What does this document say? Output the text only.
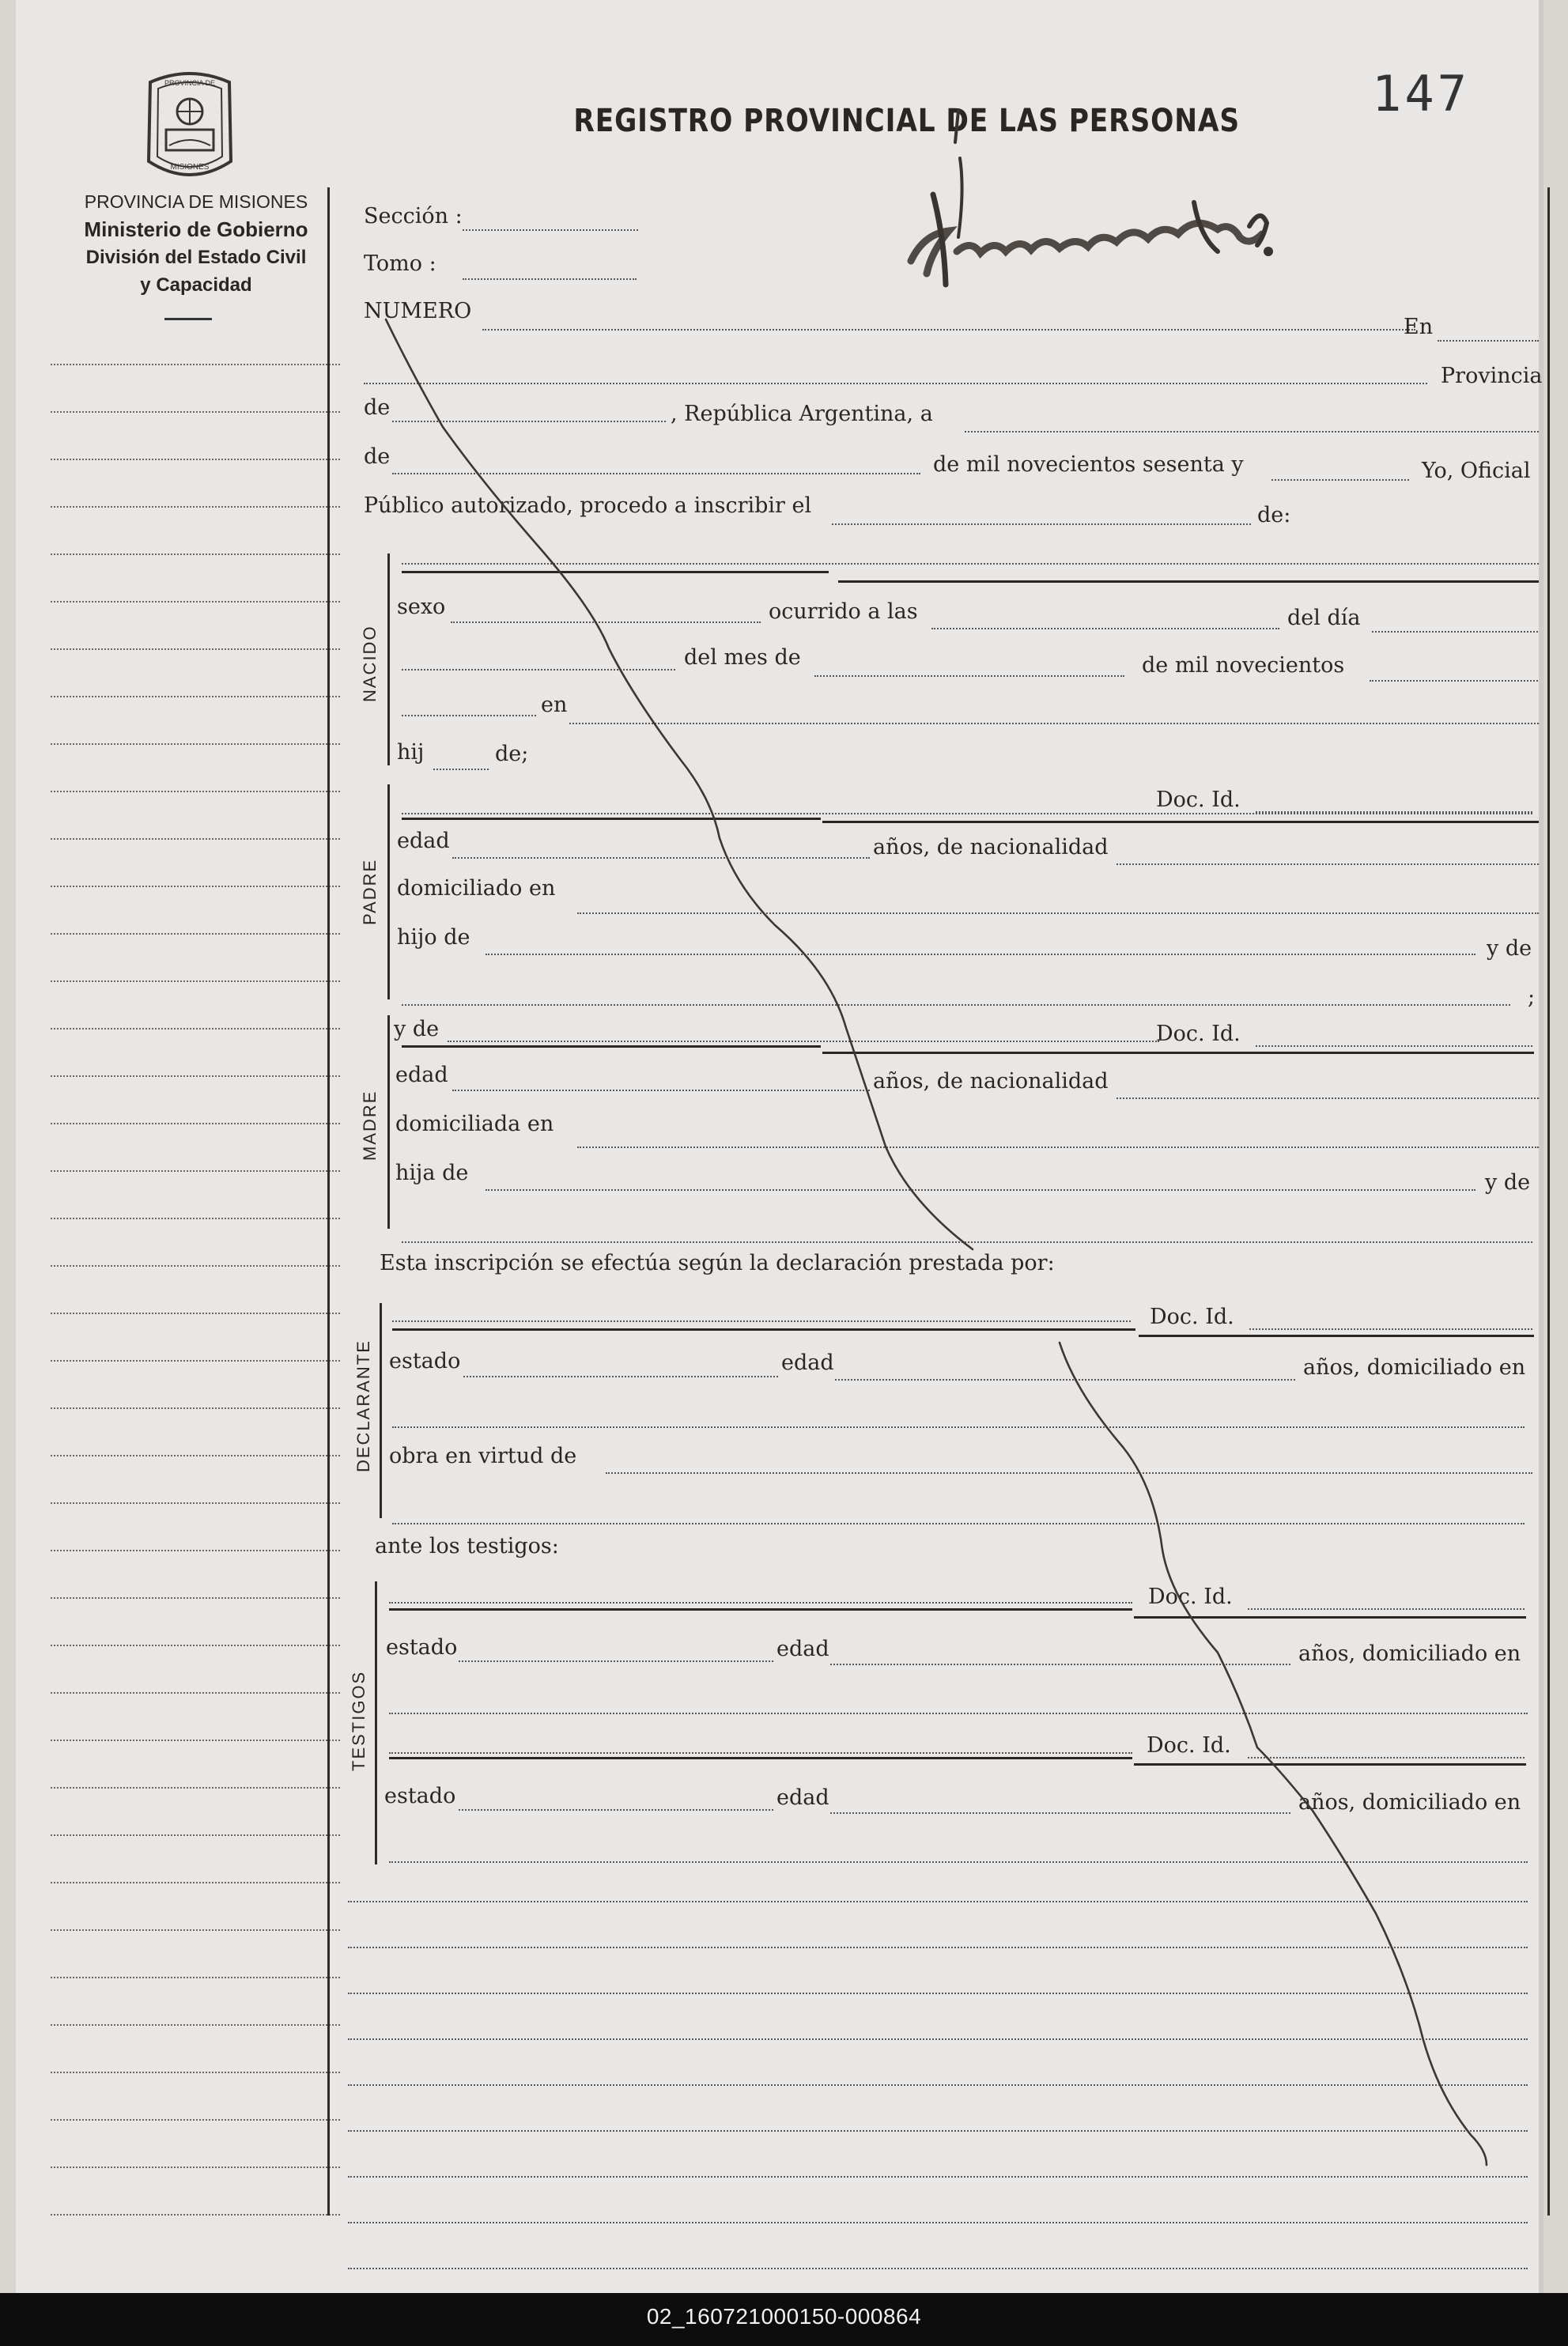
PROVINCIA DE
MISIONES
PROVINCIA DE MISIONES
Ministerio de Gobierno
División del Estado Civil
y Capacidad
REGISTRO PROVINCIAL DE LAS PERSONAS	147
Sección :
Tomo :
NUMERO
En
Provincia
de	, República Argentina, a
de	de mil novecientos sesenta y	Yo, Oficial
Público autorizado, procedo a inscribir el	de:
NACIDO
sexo	ocurrido a las	del día
del mes de	de mil novecientos
en
hij	de;
PADRE
Doc. Id.
edad	años, de nacionalidad
domiciliado en
hijo de	y de
;
MADRE
y de	Doc. Id.
edad	años, de nacionalidad
domiciliada en
hija de	y de
Esta inscripción se efectúa según la declaración prestada por:
DECLARANTE
Doc. Id.
estado	edad	años, domiciliado en
obra en virtud de
ante los testigos:
TESTIGOS
Doc. Id.
estado	edad	años, domiciliado en
Doc. Id.
estado	edad	años, domiciliado en
02_160721000150-000864
